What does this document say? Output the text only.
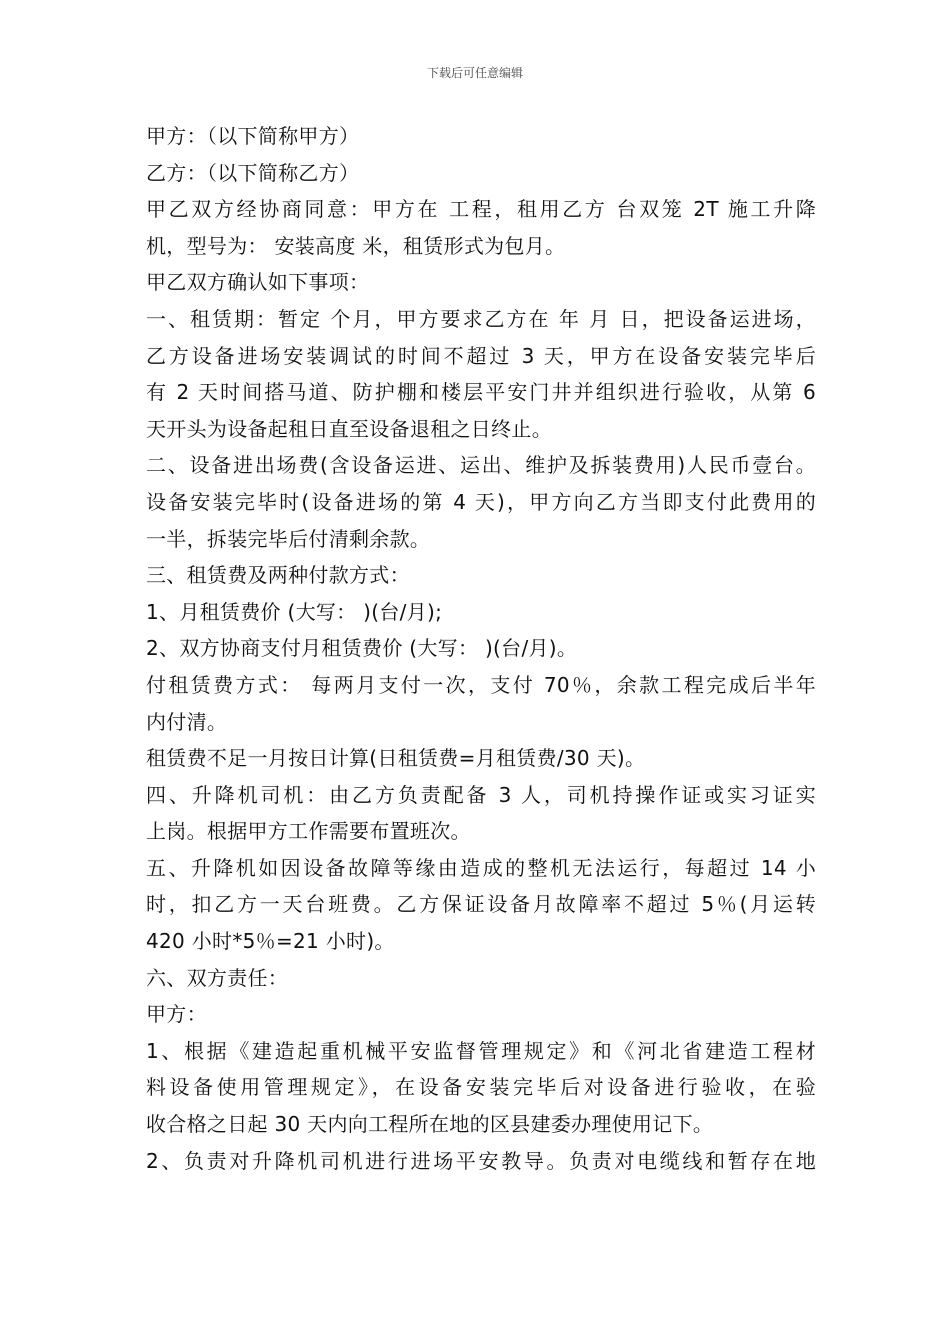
下载后可任意编辑
甲方：（以下简称甲方）
乙方：（以下简称乙方）
甲乙双方经协商同意：甲方在 工程，租用乙方 台双笼 2T 施工升降
机，型号为： 安装高度 米，租赁形式为包月。
甲乙双方确认如下事项：
一、租赁期：暂定 个月，甲方要求乙方在 年 月 日，把设备运进场，
乙方设备进场安装调试的时间不超过 3 天，甲方在设备安装完毕后
有 2 天时间搭马道、防护棚和楼层平安门井并组织进行验收，从第 6
天开头为设备起租日直至设备退租之日终止。
二、设备进出场费(含设备运进、运出、维护及拆装费用)人民币壹台。
设备安装完毕时(设备进场的第 4 天)，甲方向乙方当即支付此费用的
一半，拆装完毕后付清剩余款。
三、租赁费及两种付款方式：
1、月租赁费价 (大写： )(台/月);
2、双方协商支付月租赁费价 (大写： )(台/月)。
付租赁费方式： 每两月支付一次，支付 70％，余款工程完成后半年
内付清。
租赁费不足一月按日计算(日租赁费=月租赁费/30 天)。
四、升降机司机：由乙方负责配备 3 人，司机持操作证或实习证实
上岗。根据甲方工作需要布置班次。
五、升降机如因设备故障等缘由造成的整机无法运行，每超过 14 小
时，扣乙方一天台班费。乙方保证设备月故障率不超过 5％(月运转
420 小时*5％=21 小时)。
六、双方责任：
甲方：
1、根据《建造起重机械平安监督管理规定》和《河北省建造工程材
料设备使用管理规定》，在设备安装完毕后对设备进行验收，在验
收合格之日起 30 天内向工程所在地的区县建委办理使用记下。
2、负责对升降机司机进行进场平安教导。负责对电缆线和暂存在地
